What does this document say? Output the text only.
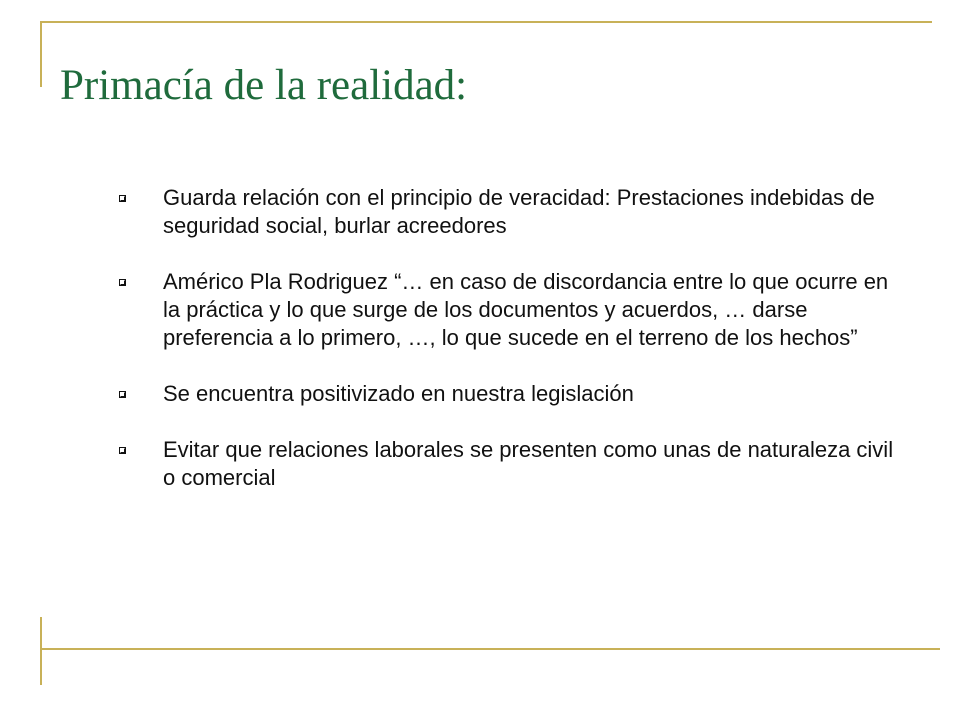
Primacía de la realidad:
Guarda relación con el principio de veracidad: Prestaciones indebidas de seguridad social, burlar acreedores
Américo Pla Rodriguez “… en caso de discordancia entre lo que ocurre en la práctica y lo que surge de los documentos y acuerdos, … darse preferencia a lo primero, …, lo que sucede en el terreno de los hechos”
Se encuentra positivizado en nuestra legislación
Evitar que relaciones laborales se presenten como unas de naturaleza civil o comercial
